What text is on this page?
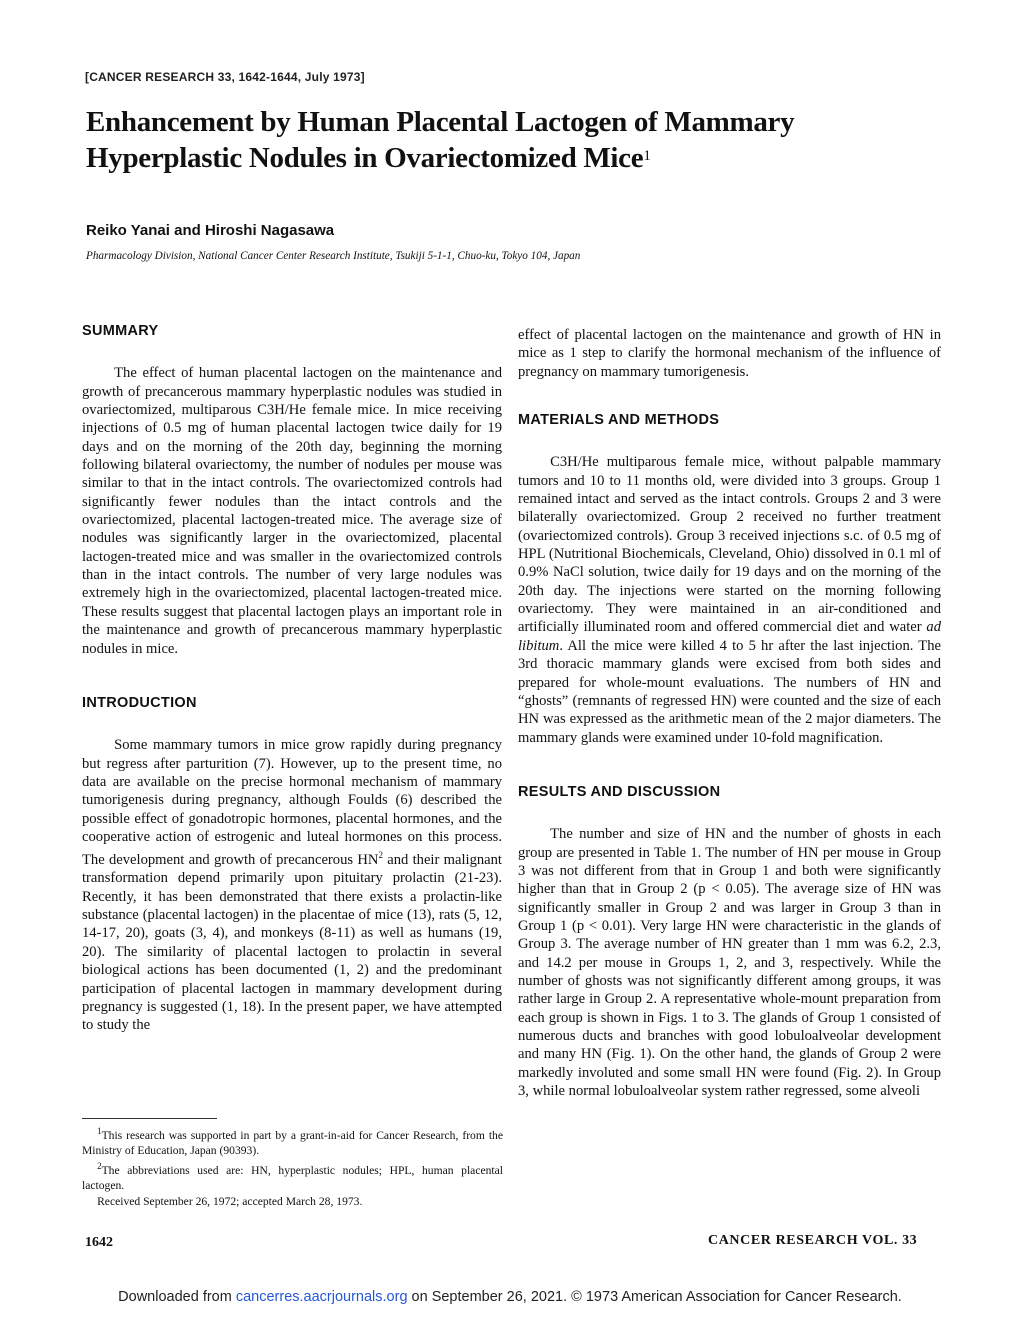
[CANCER RESEARCH 33, 1642-1644, July 1973]
Enhancement by Human Placental Lactogen of Mammary Hyperplastic Nodules in Ovariectomized Mice$^1$
Reiko Yanai and Hiroshi Nagasawa
Pharmacology Division, National Cancer Center Research Institute, Tsukiji 5-1-1, Chuo-ku, Tokyo 104, Japan
SUMMARY

The effect of human placental lactogen on the maintenance and growth of precancerous mammary hyperplastic nodules was studied in ovariectomized, multiparous C3H/He female mice. In mice receiving injections of 0.5 mg of human placental lactogen twice daily for 19 days and on the morning of the 20th day, beginning the morning following bilateral ovariectomy, the number of nodules per mouse was similar to that in the intact controls. The ovariectomized controls had significantly fewer nodules than the intact controls and the ovariectomized, placental lactogen-treated mice. The average size of nodules was significantly larger in the ovariectomized, placental lactogen-treated mice and was smaller in the ovariectomized controls than in the intact controls. The number of very large nodules was extremely high in the ovariectomized, placental lactogen-treated mice. These results suggest that placental lactogen plays an important role in the maintenance and growth of precancerous mammary hyperplastic nodules in mice.

INTRODUCTION

Some mammary tumors in mice grow rapidly during pregnancy but regress after parturition (7). However, up to the present time, no data are available on the precise hormonal mechanism of mammary tumorigenesis during pregnancy, although Foulds (6) described the possible effect of gonadotropic hormones, placental hormones, and the cooperative action of estrogenic and luteal hormones on this process. The development and growth of precancerous HN$^2$ and their malignant transformation depend primarily upon pituitary prolactin (21-23). Recently, it has been demonstrated that there exists a prolactin-like substance (placental lactogen) in the placentae of mice (13), rats (5, 12, 14-17, 20), goats (3, 4), and monkeys (8-11) as well as humans (19, 20). The similarity of placental lactogen to prolactin in several biological actions has been documented (1, 2) and the predominant participation of placental lactogen in mammary development during pregnancy is suggested (1, 18). In the present paper, we have attempted to study the

effect of placental lactogen on the maintenance and growth of HN in mice as 1 step to clarify the hormonal mechanism of the influence of pregnancy on mammary tumorigenesis.

MATERIALS AND METHODS

C3H/He multiparous female mice, without palpable mammary tumors and 10 to 11 months old, were divided into 3 groups. Group 1 remained intact and served as the intact controls. Groups 2 and 3 were bilaterally ovariectomized. Group 2 received no further treatment (ovariectomized controls). Group 3 received injections s.c. of 0.5 mg of HPL (Nutritional Biochemicals, Cleveland, Ohio) dissolved in 0.1 ml of 0.9% NaCl solution, twice daily for 19 days and on the morning of the 20th day. The injections were started on the morning following ovariectomy. They were maintained in an air-conditioned and artificially illuminated room and offered commercial diet and water ad libitum. All the mice were killed 4 to 5 hr after the last injection. The 3rd thoracic mammary glands were excised from both sides and prepared for whole-mount evaluations. The numbers of HN and “ghosts” (remnants of regressed HN) were counted and the size of each HN was expressed as the arithmetic mean of the 2 major diameters. The mammary glands were examined under 10-fold magnification.

RESULTS AND DISCUSSION

The number and size of HN and the number of ghosts in each group are presented in Table 1. The number of HN per mouse in Group 3 was not different from that in Group 1 and both were significantly higher than that in Group 2 (p < 0.05). The average size of HN was significantly smaller in Group 2 and was larger in Group 3 than in Group 1 (p < 0.01). Very large HN were characteristic in the glands of Group 3. The average number of HN greater than 1 mm was 6.2, 2.3, and 14.2 per mouse in Groups 1, 2, and 3, respectively. While the number of ghosts was not significantly different among groups, it was rather large in Group 2. A representative whole-mount preparation from each group is shown in Figs. 1 to 3. The glands of Group 1 consisted of numerous ducts and branches with good lobuloalveolar development and many HN (Fig. 1). On the other hand, the glands of Group 2 were markedly involuted and some small HN were found (Fig. 2). In Group 3, while normal lobuloalveolar system rather regressed, some alveoli

$^1$This research was supported in part by a grant-in-aid for Cancer Research, from the Ministry of Education, Japan (90393).

$^2$The abbreviations used are: HN, hyperplastic nodules; HPL, human placental lactogen.

Received September 26, 1972; accepted March 28, 1973.

1642	CANCER RESEARCH VOL. 33
Downloaded from cancerres.aacrjournals.org on September 26, 2021. © 1973 American Association for Cancer Research.
